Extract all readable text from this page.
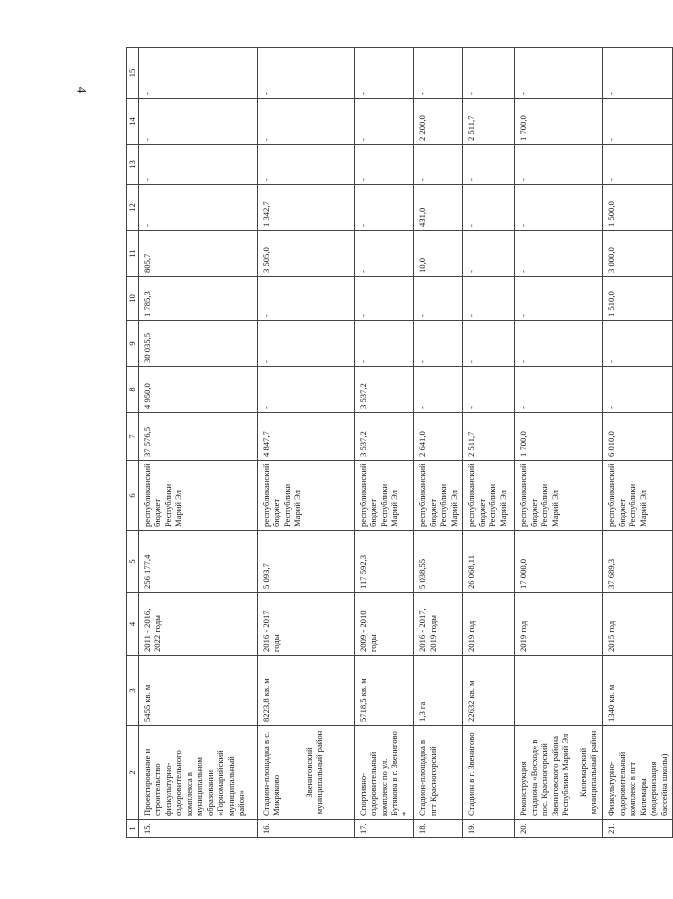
4
1	2	3	4	5	6	7	8	9	10	11	12	13	14	15
15.	Проектирование и строительство физкультурно-оздоровительного комплекса в муниципальном образовании «Горномарийский муниципальный район»	5455 кв. м	2011 - 2016, 2022 годы	256 177,4	республиканский бюджет Республики Марий Эл	37 576,5	4 950,0	30 035,5	1 785,3	805,7	-	-	-	-
16.	Стадион-площадка в с. Микряково Звениговский муниципальный район	8223,8 кв. м	2016 - 2017 годы	5 093,7	республиканский бюджет Республики Марий Эл	4 847,7	-	-	-	3 505,0	1 342,7	-	-	-
17.	Спортивно-оздоровительный комплекс по ул. Бутякова в г. Звенигово *	5718,5 кв. м	2009 - 2010 годы	117 592,3	республиканский бюджет Республики Марий Эл	3 537,2	3 537,2	-	-	-	-	-	-	-
18.	Стадион-площадка в пгт Красногорский	1,3 га	2016 - 2017, 2019 годы	5 038,55	республиканский бюджет Республики Марий Эл	2 641,0	-	-	-	10,0	431,0	-	2 200,0	-
19.	Стадион в г. Звенигово	22632 кв. м	2019 год	26 068,11	республиканский бюджет Республики Марий Эл	2 511,7	-	-	-	-	-	-	2 511,7	-
20.	Реконструкция стадиона «Восход» в пос. Красногорский Звениговского района Республики Марий Эл Килемарский муниципальный район		2019 год	17 000,0	республиканский бюджет Республики Марий Эл	1 700,0	-	-	-	-	-	-	1 700,0	-
21.	Физкультурно-оздоровительный комплекс в пгт Килемары (модернизация бассейна школы)	1340 кв. м	2015 год	37 689,3	республиканский бюджет Республики Марий Эл	6 010,0	-	-	1 510,0	3 000,0	1 500,0	-	-	-
